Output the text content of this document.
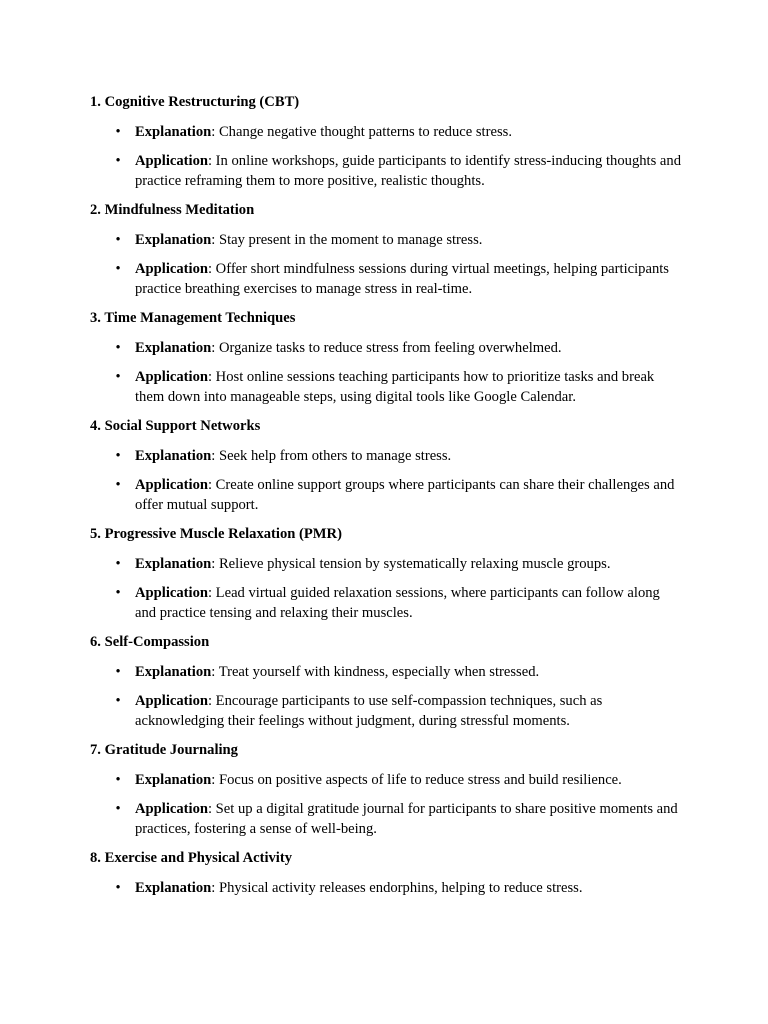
1. Cognitive Restructuring (CBT)

• Explanation: Change negative thought patterns to reduce stress.
• Application: In online workshops, guide participants to identify stress-inducing thoughts and practice reframing them to more positive, realistic thoughts.

2. Mindfulness Meditation

• Explanation: Stay present in the moment to manage stress.
• Application: Offer short mindfulness sessions during virtual meetings, helping participants practice breathing exercises to manage stress in real-time.

3. Time Management Techniques

• Explanation: Organize tasks to reduce stress from feeling overwhelmed.
• Application: Host online sessions teaching participants how to prioritize tasks and break them down into manageable steps, using digital tools like Google Calendar.

4. Social Support Networks

• Explanation: Seek help from others to manage stress.
• Application: Create online support groups where participants can share their challenges and offer mutual support.

5. Progressive Muscle Relaxation (PMR)

• Explanation: Relieve physical tension by systematically relaxing muscle groups.
• Application: Lead virtual guided relaxation sessions, where participants can follow along and practice tensing and relaxing their muscles.

6. Self-Compassion

• Explanation: Treat yourself with kindness, especially when stressed.
• Application: Encourage participants to use self-compassion techniques, such as acknowledging their feelings without judgment, during stressful moments.

7. Gratitude Journaling

• Explanation: Focus on positive aspects of life to reduce stress and build resilience.
• Application: Set up a digital gratitude journal for participants to share positive moments and practices, fostering a sense of well-being.

8. Exercise and Physical Activity

• Explanation: Physical activity releases endorphins, helping to reduce stress.
